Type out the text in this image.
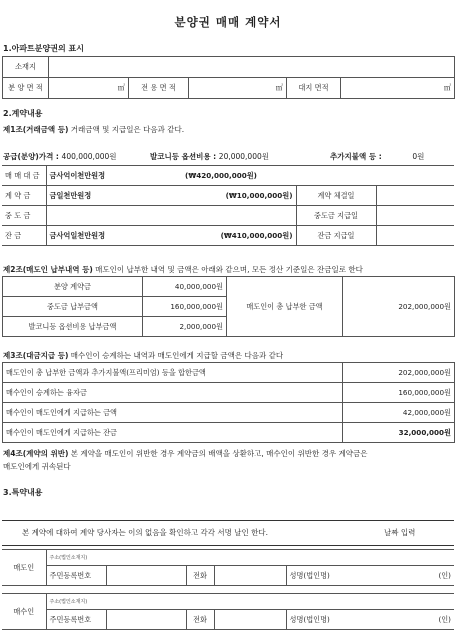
분양권 매매 계약서
1.아파트분양권의 표시
소재지					
분 양 면 적	㎡	전 용 면 적	㎡	대지 면적	㎡
2.계약내용
제1조(거래금액 등) 거래금액 및 지급일은 다음과 같다.
공급(분양)가격 : 400,000,000원	발코니등 옵션비용 : 20,000,000원	추가지불액 등 :	0원
매 매 대 금	금사억이천만원정	(₩420,000,000원)		
계 약 금	금일천만원정	(₩10,000,000원)	계약 체결일	
중 도 금			중도금 지급일	
잔 금	금사억일천만원정	(₩410,000,000원)	잔금 지급일	
제2조(매도인 납부내역 등) 매도인이 납부한 내역 및 금액은 아래와 같으며, 모든 정산 기준일은 잔금일로 한다
분양 계약금	40,000,000원	매도인이 총 납부한 금액	202,000,000원
중도금 납부금액	160,000,000원		
발코니등 옵션비용 납부금액	2,000,000원		
제3조(대금지급 등) 매수인이 승계하는 내역과 매도인에게 지급할 금액은 다음과 같다
매도인이 총 납부한 금액과 추가지불액(프리미엄) 등을 합한금액	202,000,000원
매수인이 승계하는 융자금	160,000,000원
매수인이 매도인에게 지급하는 금액	42,000,000원
매수인이 매도인에게 지급하는 잔금	32,000,000원
제4조(계약의 위반) 본 계약을 매도인이 위반한 경우 계약금의 배액을 상환하고, 매수인이 위반한 경우 계약금은
매도인에게 귀속된다
3.특약내용
본 계약에 대하여 계약 당사자는 이의 없음을 확인하고 각각 서명 날인 한다.	날짜 입력
매도인	주소(법인소재지)				
	주민등록번호		전화		성명(법인명) (인)
매수인	주소(법인소재지)				
	주민등록번호		전화		성명(법인명) (인)
